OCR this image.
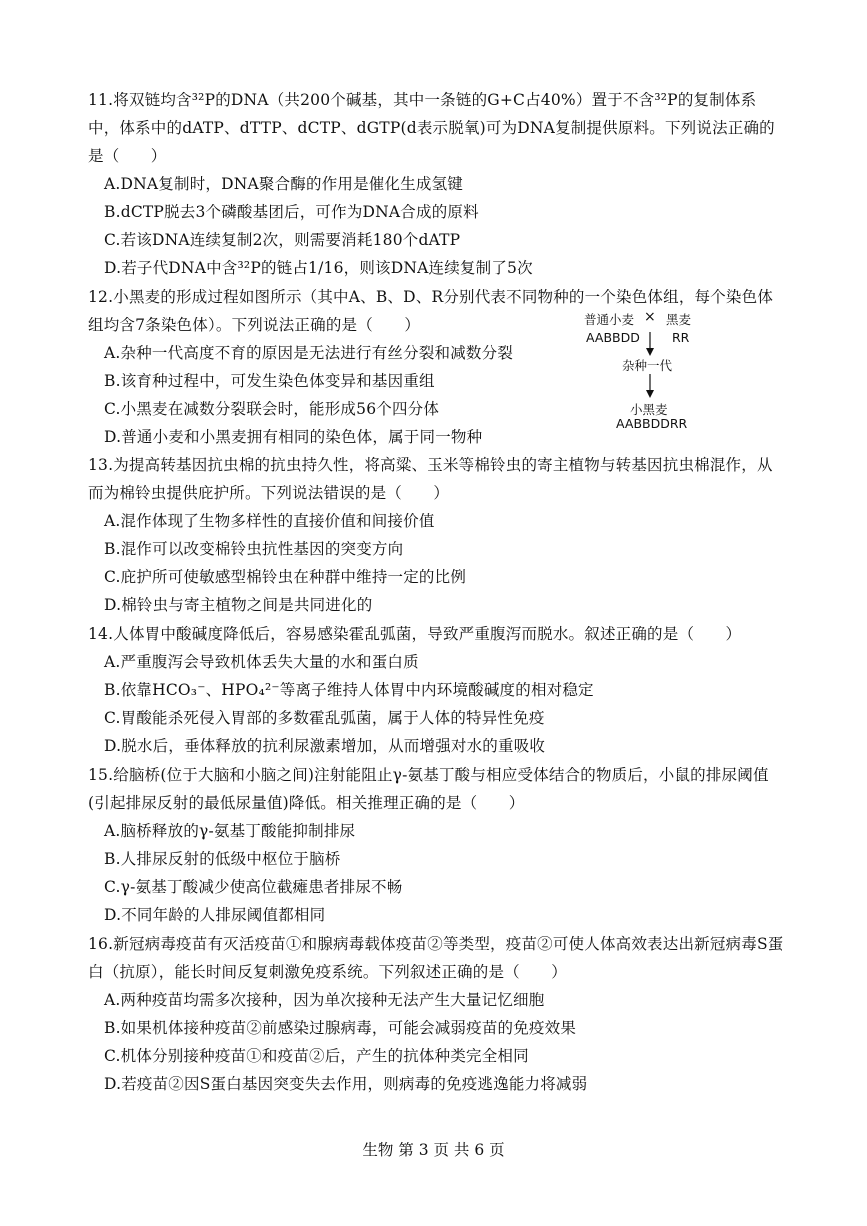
11.将双链均含³²P的DNA（共200个碱基，其中一条链的G+C占40%）置于不含³²P的复制体系中，体系中的dATP、dTTP、dCTP、dGTP(d表示脱氧)可为DNA复制提供原料。下列说法正确的是（　　）
A.DNA复制时，DNA聚合酶的作用是催化生成氢键
B.dCTP脱去3个磷酸基团后，可作为DNA合成的原料
C.若该DNA连续复制2次，则需要消耗180个dATP
D.若子代DNA中含³²P的链占1/16，则该DNA连续复制了5次
12.小黑麦的形成过程如图所示（其中A、B、D、R分别代表不同物种的一个染色体组，每个染色体组均含7条染色体）。下列说法正确的是（　　）
A.杂种一代高度不育的原因是无法进行有丝分裂和减数分裂
B.该育种过程中，可发生染色体变异和基因重组
C.小黑麦在减数分裂联会时，能形成56个四分体
D.普通小麦和小黑麦拥有相同的染色体，属于同一物种
普通小麦 × 黑麦
AABBDD	RR
杂种一代
小黑麦
AABBDDRR
13.为提高转基因抗虫棉的抗虫持久性，将高粱、玉米等棉铃虫的寄主植物与转基因抗虫棉混作，从而为棉铃虫提供庇护所。下列说法错误的是（　　）
A.混作体现了生物多样性的直接价值和间接价值
B.混作可以改变棉铃虫抗性基因的突变方向
C.庇护所可使敏感型棉铃虫在种群中维持一定的比例
D.棉铃虫与寄主植物之间是共同进化的
14.人体胃中酸碱度降低后，容易感染霍乱弧菌，导致严重腹泻而脱水。叙述正确的是（　　）
A.严重腹泻会导致机体丢失大量的水和蛋白质
B.依靠HCO₃⁻、HPO₄²⁻等离子维持人体胃中内环境酸碱度的相对稳定
C.胃酸能杀死侵入胃部的多数霍乱弧菌，属于人体的特异性免疫
D.脱水后，垂体释放的抗利尿激素增加，从而增强对水的重吸收
15.给脑桥(位于大脑和小脑之间)注射能阻止γ-氨基丁酸与相应受体结合的物质后，小鼠的排尿阈值(引起排尿反射的最低尿量值)降低。相关推理正确的是（　　）
A.脑桥释放的γ-氨基丁酸能抑制排尿
B.人排尿反射的低级中枢位于脑桥
C.γ-氨基丁酸减少使高位截瘫患者排尿不畅
D.不同年龄的人排尿阈值都相同
16.新冠病毒疫苗有灭活疫苗①和腺病毒载体疫苗②等类型，疫苗②可使人体高效表达出新冠病毒S蛋白（抗原），能长时间反复刺激免疫系统。下列叙述正确的是（　　）
A.两种疫苗均需多次接种，因为单次接种无法产生大量记忆细胞
B.如果机体接种疫苗②前感染过腺病毒，可能会减弱疫苗的免疫效果
C.机体分别接种疫苗①和疫苗②后，产生的抗体种类完全相同
D.若疫苗②因S蛋白基因突变失去作用，则病毒的免疫逃逸能力将减弱
生物 第 3 页 共 6 页
